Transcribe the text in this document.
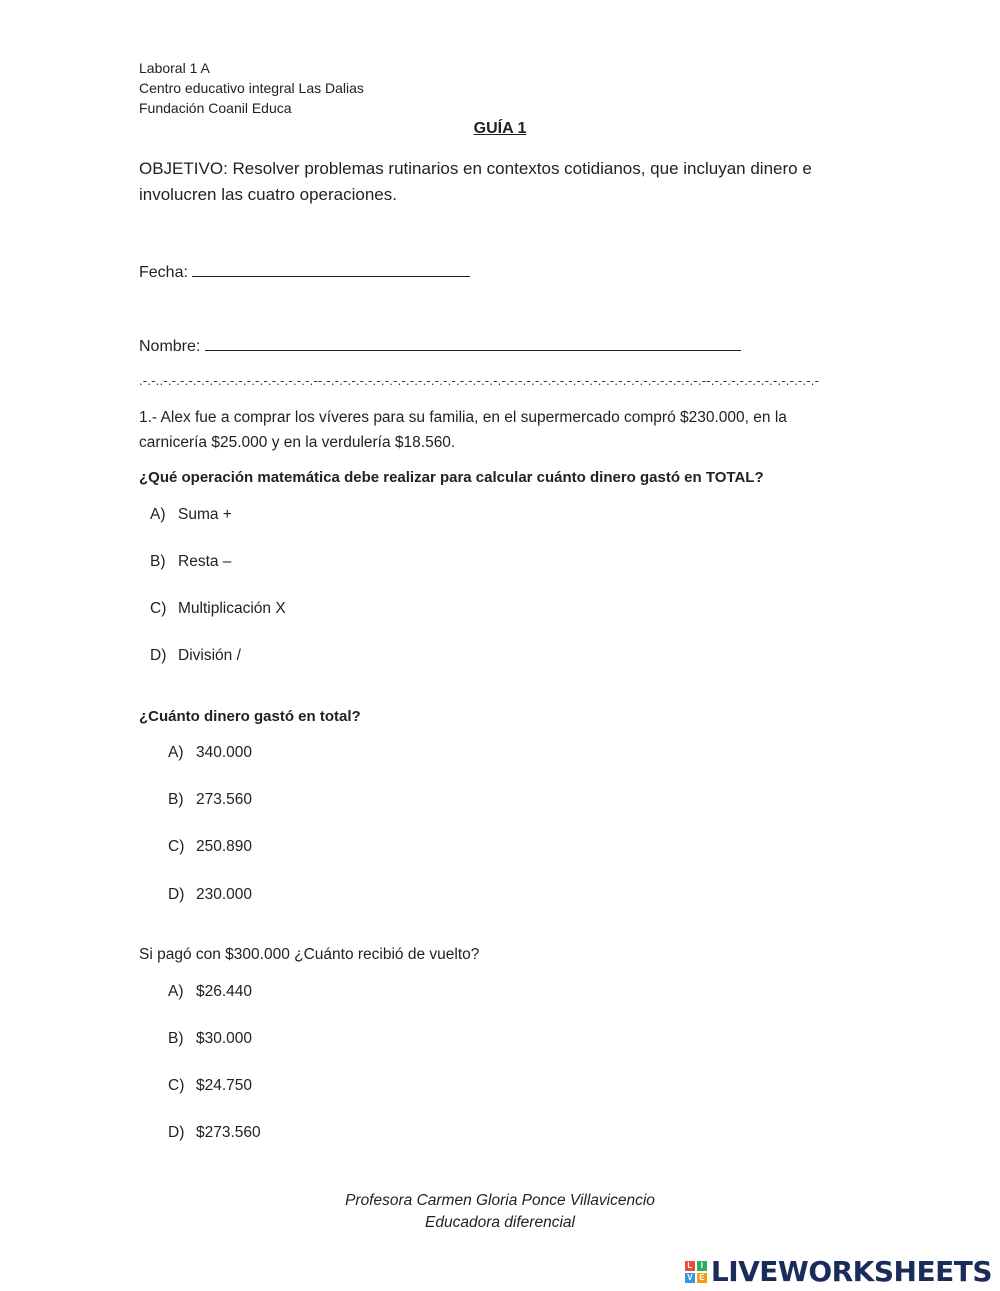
Laboral 1 A
Centro educativo integral Las Dalias
Fundación Coanil Educa
GUÍA 1
OBJETIVO: Resolver problemas rutinarios en contextos cotidianos, que incluyan dinero e involucren las cuatro operaciones.
Fecha:
Nombre:
.-.-..-.-.-.-.-.-.-.-.-.-.-.-.-.-.-.-.-.-.--.-.-.-.-.-.-.-.-.-.-.-.-.-.-.-.-.-.-.-.-.-.-.-.-.-.-.-.-.-.-.-.-.-.-.-.-.-.-.-.-.-.-.-.-.-.--.-.-.-.-.-.-.-.-.-.-.-.-.-
1.- Alex fue a comprar los víveres para su familia, en el supermercado compró $230.000, en la carnicería $25.000 y en la verdulería $18.560.
¿Qué operación matemática debe realizar para calcular cuánto dinero gastó en TOTAL?
A) Suma +
B) Resta –
C) Multiplicación X
D) División /
¿Cuánto dinero gastó en total?
A) 340.000
B) 273.560
C) 250.890
D) 230.000
Si pagó con $300.000 ¿Cuánto recibió de vuelto?
A) $26.440
B) $30.000
C) $24.750
D) $273.560
Profesora Carmen Gloria Ponce Villavicencio
Educadora diferencial
L	I
V E LIVEWORKSHEETS
